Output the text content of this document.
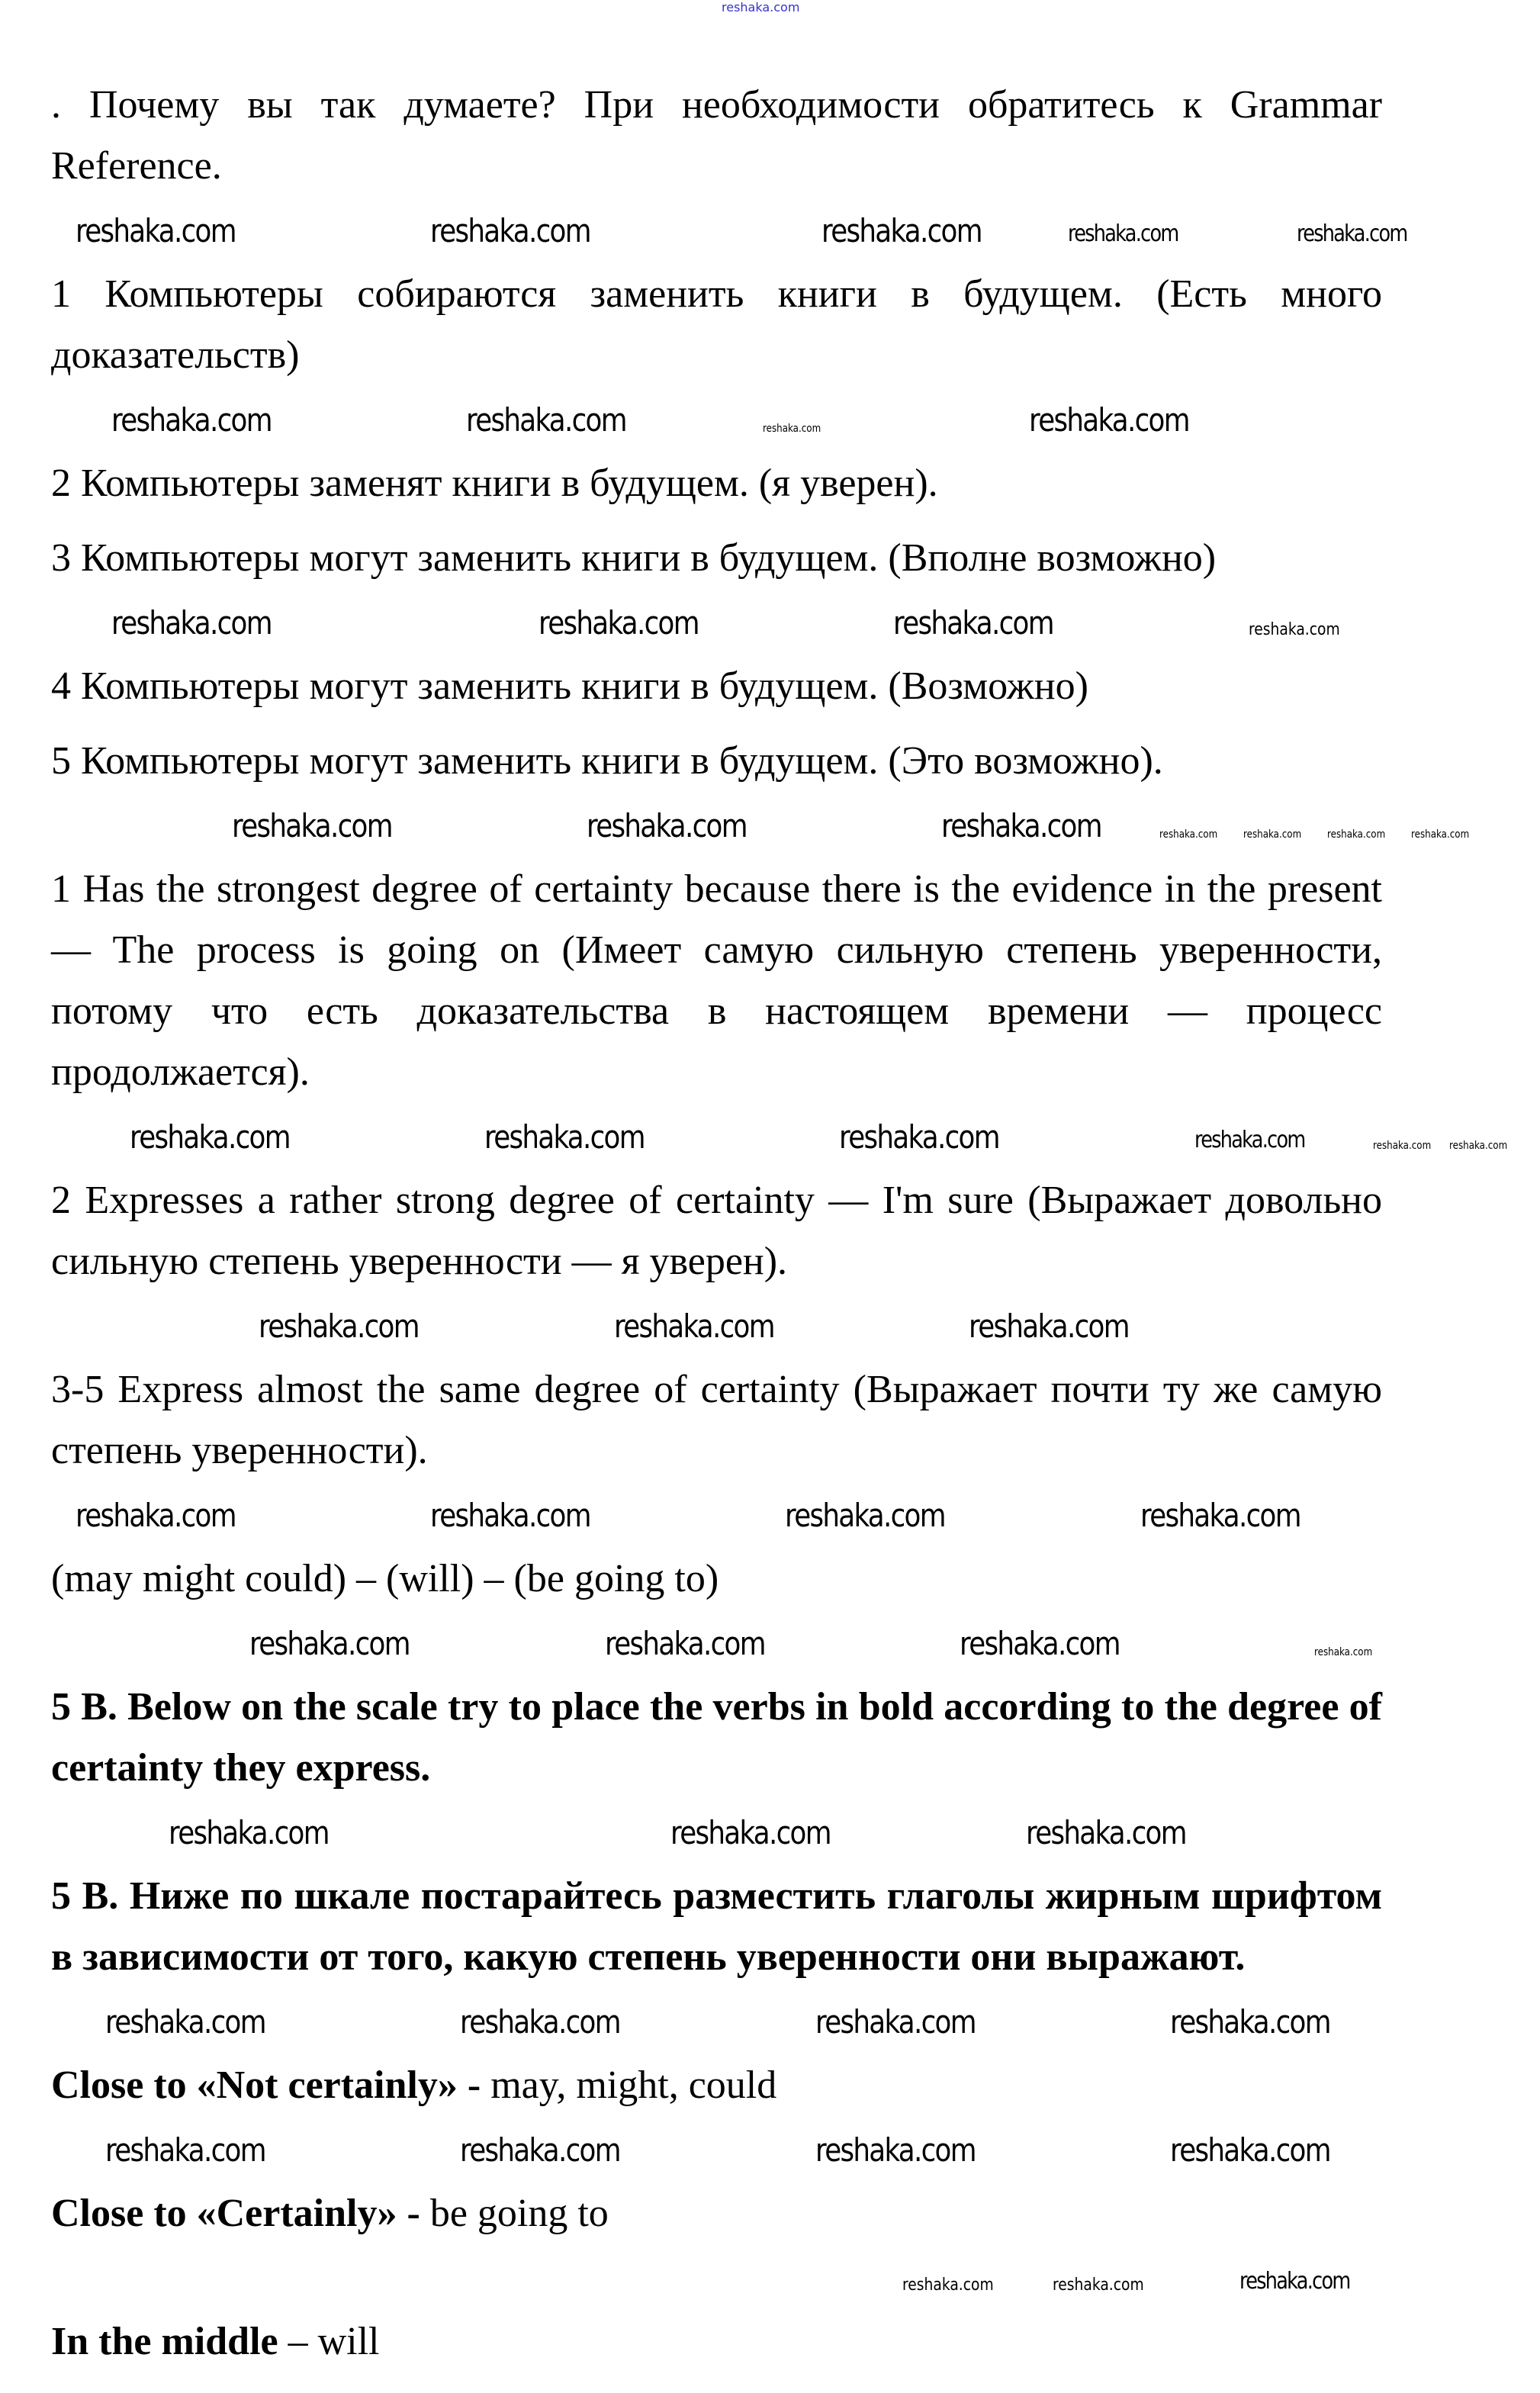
reshaka.com
. Почему вы так думаете? При необходимости обратитесь к Grammar Reference.
reshaka.com	reshaka.com	reshaka.com	reshaka.com	reshaka.com
1 Компьютеры собираются заменить книги в будущем. (Есть много доказательств)
reshaka.com	reshaka.com	reshaka.com	reshaka.com
2 Компьютеры заменят книги в будущем. (я уверен).
3 Компьютеры могут заменить книги в будущем. (Вполне возможно)
reshaka.com	reshaka.com	reshaka.com	reshaka.com
4 Компьютеры могут заменить книги в будущем. (Возможно)
5 Компьютеры могут заменить книги в будущем. (Это возможно).
reshaka.com	reshaka.com	reshaka.com	reshaka.com reshaka.com reshaka.com reshaka.com
1 Has the strongest degree of certainty because there is the evidence in the present — The process is going on (Имеет самую сильную степень уверенности, потому что есть доказательства в настоящем времени — процесс продолжается).
reshaka.com	reshaka.com	reshaka.com	reshaka.com	reshaka.com reshaka.com
2 Expresses a rather strong degree of certainty — I'm sure (Выражает довольно сильную степень уверенности — я уверен).
reshaka.com	reshaka.com	reshaka.com
3-5 Express almost the same degree of certainty (Выражает почти ту же самую степень уверенности).
reshaka.com	reshaka.com	reshaka.com	reshaka.com
(may might could) – (will) – (be going to)
reshaka.com	reshaka.com	reshaka.com	reshaka.com
5 B. Below on the scale try to place the verbs in bold according to the degree of certainty they express.
reshaka.com	reshaka.com	reshaka.com
5 B. Ниже по шкале постарайтесь разместить глаголы жирным шрифтом в зависимости от того, какую степень уверенности они выражают.
reshaka.com	reshaka.com	reshaka.com	reshaka.com
Close to «Not certainly» - may, might, could
reshaka.com	reshaka.com	reshaka.com	reshaka.com
Close to «Certainly» - be going to
reshaka.com	reshaka.com	reshaka.com
In the middle – will
